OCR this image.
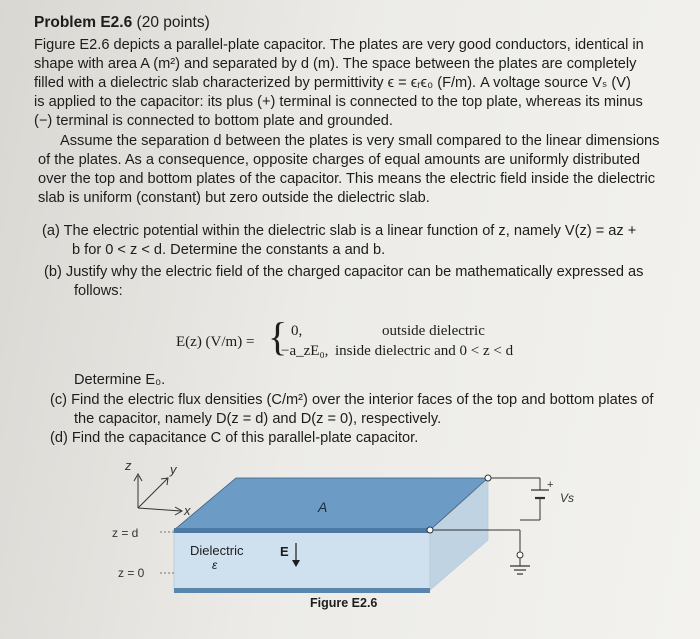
Problem E2.6 (20 points)
Figure E2.6 depicts a parallel-plate capacitor. The plates are very good conductors, identical in
shape with area A (m²) and separated by d (m). The space between the plates are completely
filled with a dielectric slab characterized by permittivity ϵ = ϵᵣϵ₀ (F/m). A voltage source Vₛ (V)
is applied to the capacitor: its plus (+) terminal is connected to the top plate, whereas its minus
(−) terminal is connected to bottom plate and grounded.
Assume the separation d between the plates is very small compared to the linear dimensions
of the plates. As a consequence, opposite charges of equal amounts are uniformly distributed
over the top and bottom plates of the capacitor. This means the electric field inside the dielectric
slab is uniform (constant) but zero outside the dielectric slab.
(a) The electric potential within the dielectric slab is a linear function of z, namely V(z) = az +
b for 0 < z < d. Determine the constants a and b.
(b) Justify why the electric field of the charged capacitor can be mathematically expressed as
follows:
E(z) (V/m) = { 0,	outside dielectric
−a_zE₀, inside dielectric and 0 < z < d
Determine E₀.
(c) Find the electric flux densities (C/m²) over the interior faces of the top and bottom plates of
the capacitor, namely D(z = d) and D(z = 0), respectively.
(d) Find the capacitance C of this parallel-plate capacitor.
z	y
x
z = d
z = 0
A
Dielectric
ε
E
+
Vs
Figure E2.6
